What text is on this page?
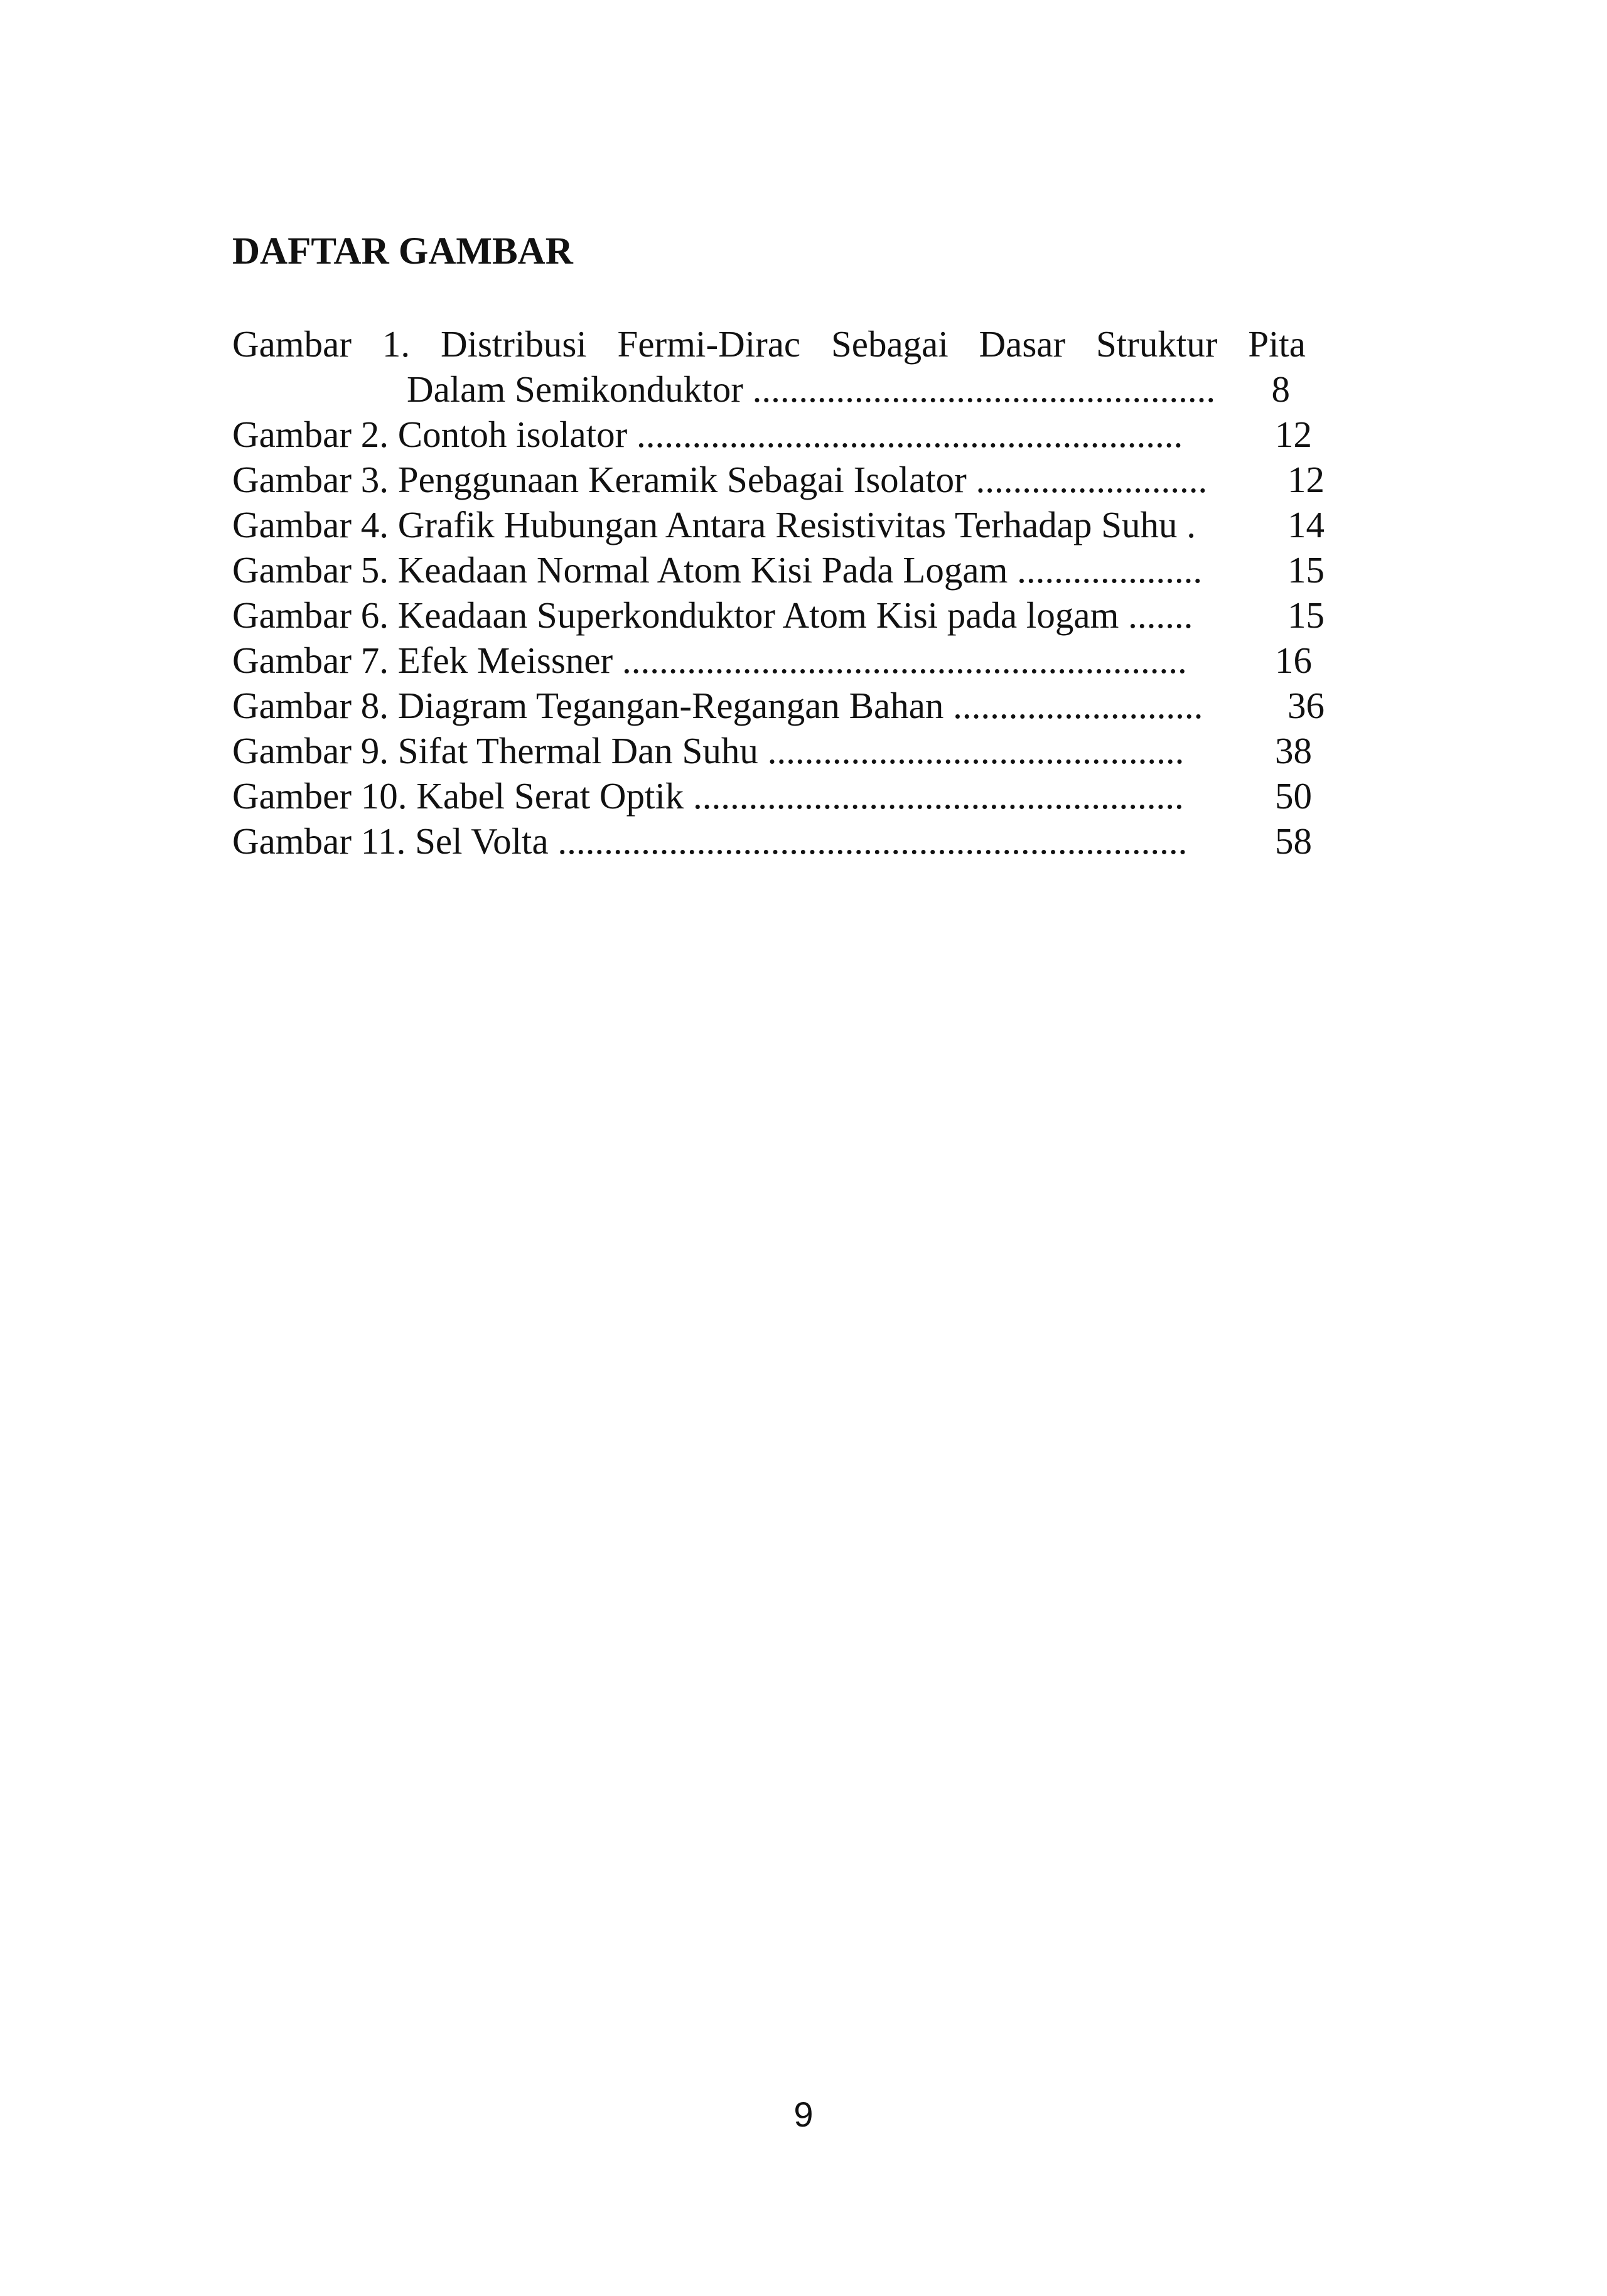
DAFTAR GAMBAR
Gambar 1. Distribusi Fermi-Dirac Sebagai Dasar Struktur Pita
Dalam Semikonduktor .................................................. 8
Gambar 2. Contoh isolator ........................................................... 12
Gambar 3. Penggunaan Keramik Sebagai Isolator ......................... 12
Gambar 4. Grafik Hubungan Antara Resistivitas Terhadap Suhu . 14
Gambar 5. Keadaan Normal Atom Kisi Pada Logam .................... 15
Gambar 6. Keadaan Superkonduktor Atom Kisi pada logam .......	15
Gambar 7. Efek Meissner ............................................................. 16
Gambar 8. Diagram Tegangan-Regangan Bahan ........................... 36
Gambar 9. Sifat Thermal Dan Suhu ............................................. 38
Gamber 10. Kabel Serat Optik ..................................................... 50
Gambar 11. Sel Volta .................................................................... 58
9
